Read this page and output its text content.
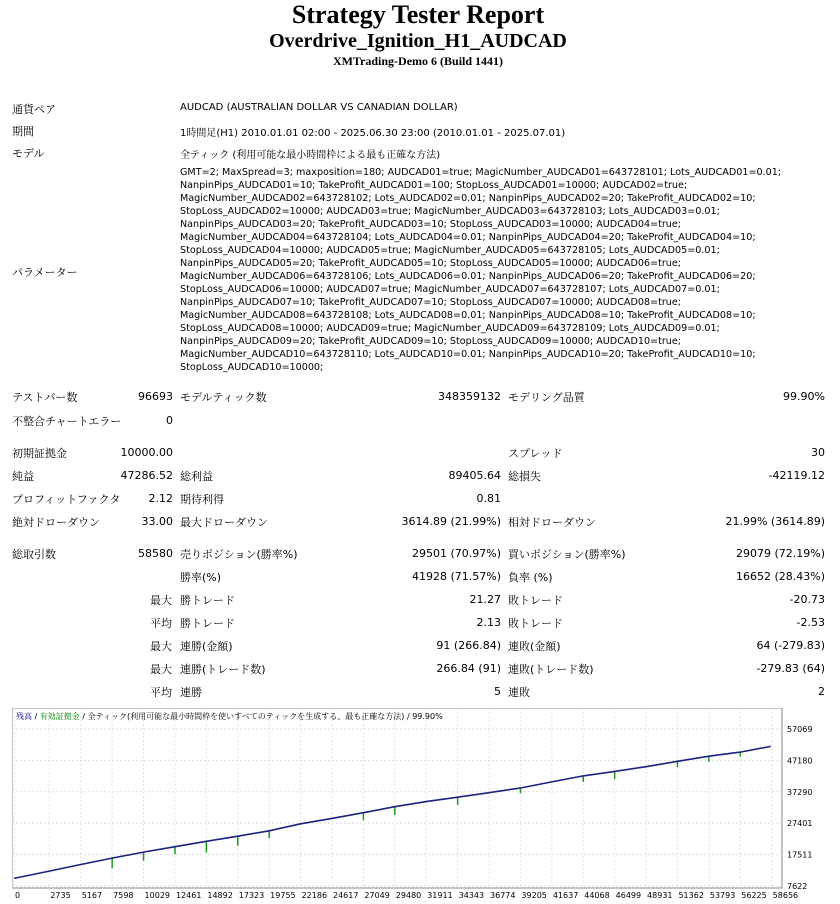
Strategy Tester Report
Overdrive_Ignition_H1_AUDCAD
XMTrading-Demo 6 (Build 1441)
通貨ペア	AUDCAD (AUSTRALIAN DOLLAR VS CANADIAN DOLLAR)
期間	1時間足(H1) 2010.01.01 02:00 - 2025.06.30 23:00 (2010.01.01 - 2025.07.01)
モデル	全ティック (利用可能な最小時間枠による最も正確な方法)
パラメーター
GMT=2; MaxSpread=3; maxposition=180; AUDCAD01=true; MagicNumber_AUDCAD01=643728101; Lots_AUDCAD01=0.01;
NanpinPips_AUDCAD01=10; TakeProfit_AUDCAD01=100; StopLoss_AUDCAD01=10000; AUDCAD02=true;
MagicNumber_AUDCAD02=643728102; Lots_AUDCAD02=0.01; NanpinPips_AUDCAD02=20; TakeProfit_AUDCAD02=10;
StopLoss_AUDCAD02=10000; AUDCAD03=true; MagicNumber_AUDCAD03=643728103; Lots_AUDCAD03=0.01;
NanpinPips_AUDCAD03=20; TakeProfit_AUDCAD03=10; StopLoss_AUDCAD03=10000; AUDCAD04=true;
MagicNumber_AUDCAD04=643728104; Lots_AUDCAD04=0.01; NanpinPips_AUDCAD04=20; TakeProfit_AUDCAD04=10;
StopLoss_AUDCAD04=10000; AUDCAD05=true; MagicNumber_AUDCAD05=643728105; Lots_AUDCAD05=0.01;
NanpinPips_AUDCAD05=20; TakeProfit_AUDCAD05=10; StopLoss_AUDCAD05=10000; AUDCAD06=true;
MagicNumber_AUDCAD06=643728106; Lots_AUDCAD06=0.01; NanpinPips_AUDCAD06=20; TakeProfit_AUDCAD06=20;
StopLoss_AUDCAD06=10000; AUDCAD07=true; MagicNumber_AUDCAD07=643728107; Lots_AUDCAD07=0.01;
NanpinPips_AUDCAD07=10; TakeProfit_AUDCAD07=10; StopLoss_AUDCAD07=10000; AUDCAD08=true;
MagicNumber_AUDCAD08=643728108; Lots_AUDCAD08=0.01; NanpinPips_AUDCAD08=10; TakeProfit_AUDCAD08=10;
StopLoss_AUDCAD08=10000; AUDCAD09=true; MagicNumber_AUDCAD09=643728109; Lots_AUDCAD09=0.01;
NanpinPips_AUDCAD09=20; TakeProfit_AUDCAD09=10; StopLoss_AUDCAD09=10000; AUDCAD10=true;
MagicNumber_AUDCAD10=643728110; Lots_AUDCAD10=0.01; NanpinPips_AUDCAD10=20; TakeProfit_AUDCAD10=10;
StopLoss_AUDCAD10=10000;
テストバー数	96693 モデルティック数	348359132 モデリング品質	99.90%
不整合チャートエラー	0
初期証拠金	10000.00	スプレッド	30
純益	47286.52 総利益	89405.64 総損失	-42119.12
プロフィットファクタ	2.12 期待利得	0.81
絶対ドローダウン	33.00 最大ドローダウン	3614.89 (21.99%) 相対ドローダウン	21.99% (3614.89)
総取引数	58580 売りポジション(勝率%)	29501 (70.97%) 買いポジション(勝率%)	29079 (72.19%)
勝率(%)	41928 (71.57%) 負率 (%)	16652 (28.43%)
最大 勝トレード	21.27 敗トレード	-20.73
平均 勝トレード	2.13 敗トレード	-2.53
最大 連勝(金額)	91 (266.84) 連敗(金額)	64 (-279.83)
最大 連勝(トレード数)	266.84 (91) 連敗(トレード数)	-279.83 (64)
平均 連勝	5 連敗	2
残高 / 有効証拠金 / 全ティック(利用可能な最小時間枠を使いすべてのティックを生成する、最も正確な方法) / 99.90%
57069
47180
37290
27401
17511
7622
0	2735 5167 7598 10029 12461 14892 17323 19755 22186 24617 27049 29480 31911 34343 36774 39205 41637 44068 46499 48931 51362 53793 56225 58656
